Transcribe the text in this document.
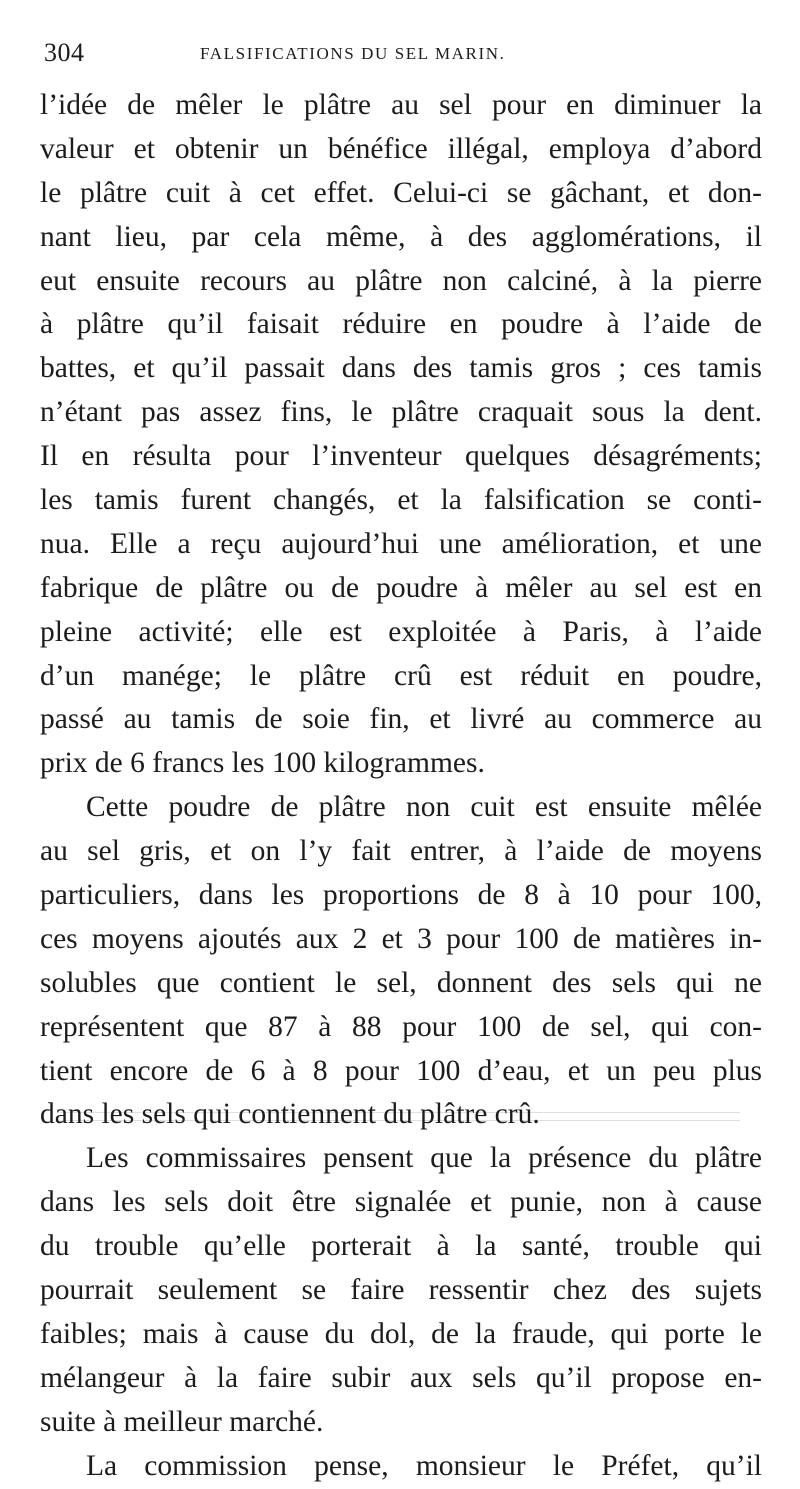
304	FALSIFICATIONS DU SEL MARIN.
l’idée de mêler le plâtre au sel pour en diminuer la
valeur et obtenir un bénéfice illégal, employa d’abord
le plâtre cuit à cet effet. Celui-ci se gâchant, et don-
nant lieu, par cela même, à des agglomérations, il
eut ensuite recours au plâtre non calciné, à la pierre
à plâtre qu’il faisait réduire en poudre à l’aide de
battes, et qu’il passait dans des tamis gros ; ces tamis
n’étant pas assez fins, le plâtre craquait sous la dent.
Il en résulta pour l’inventeur quelques désagréments;
les tamis furent changés, et la falsification se conti-
nua. Elle a reçu aujourd’hui une amélioration, et une
fabrique de plâtre ou de poudre à mêler au sel est en
pleine activité; elle est exploitée à Paris, à l’aide
d’un manége; le plâtre crû est réduit en poudre,
passé au tamis de soie fin, et livré au commerce au
prix de 6 francs les 100 kilogrammes.
Cette poudre de plâtre non cuit est ensuite mêlée
au sel gris, et on l’y fait entrer, à l’aide de moyens
particuliers, dans les proportions de 8 à 10 pour 100,
ces moyens ajoutés aux 2 et 3 pour 100 de matières in-
solubles que contient le sel, donnent des sels qui ne
représentent que 87 à 88 pour 100 de sel, qui con-
tient encore de 6 à 8 pour 100 d’eau, et un peu plus
dans les sels qui contiennent du plâtre crû.
Les commissaires pensent que la présence du plâtre
dans les sels doit être signalée et punie, non à cause
du trouble qu’elle porterait à la santé, trouble qui
pourrait seulement se faire ressentir chez des sujets
faibles; mais à cause du dol, de la fraude, qui porte le
mélangeur à la faire subir aux sels qu’il propose en-
suite à meilleur marché.
La commission pense, monsieur le Préfet, qu’il
